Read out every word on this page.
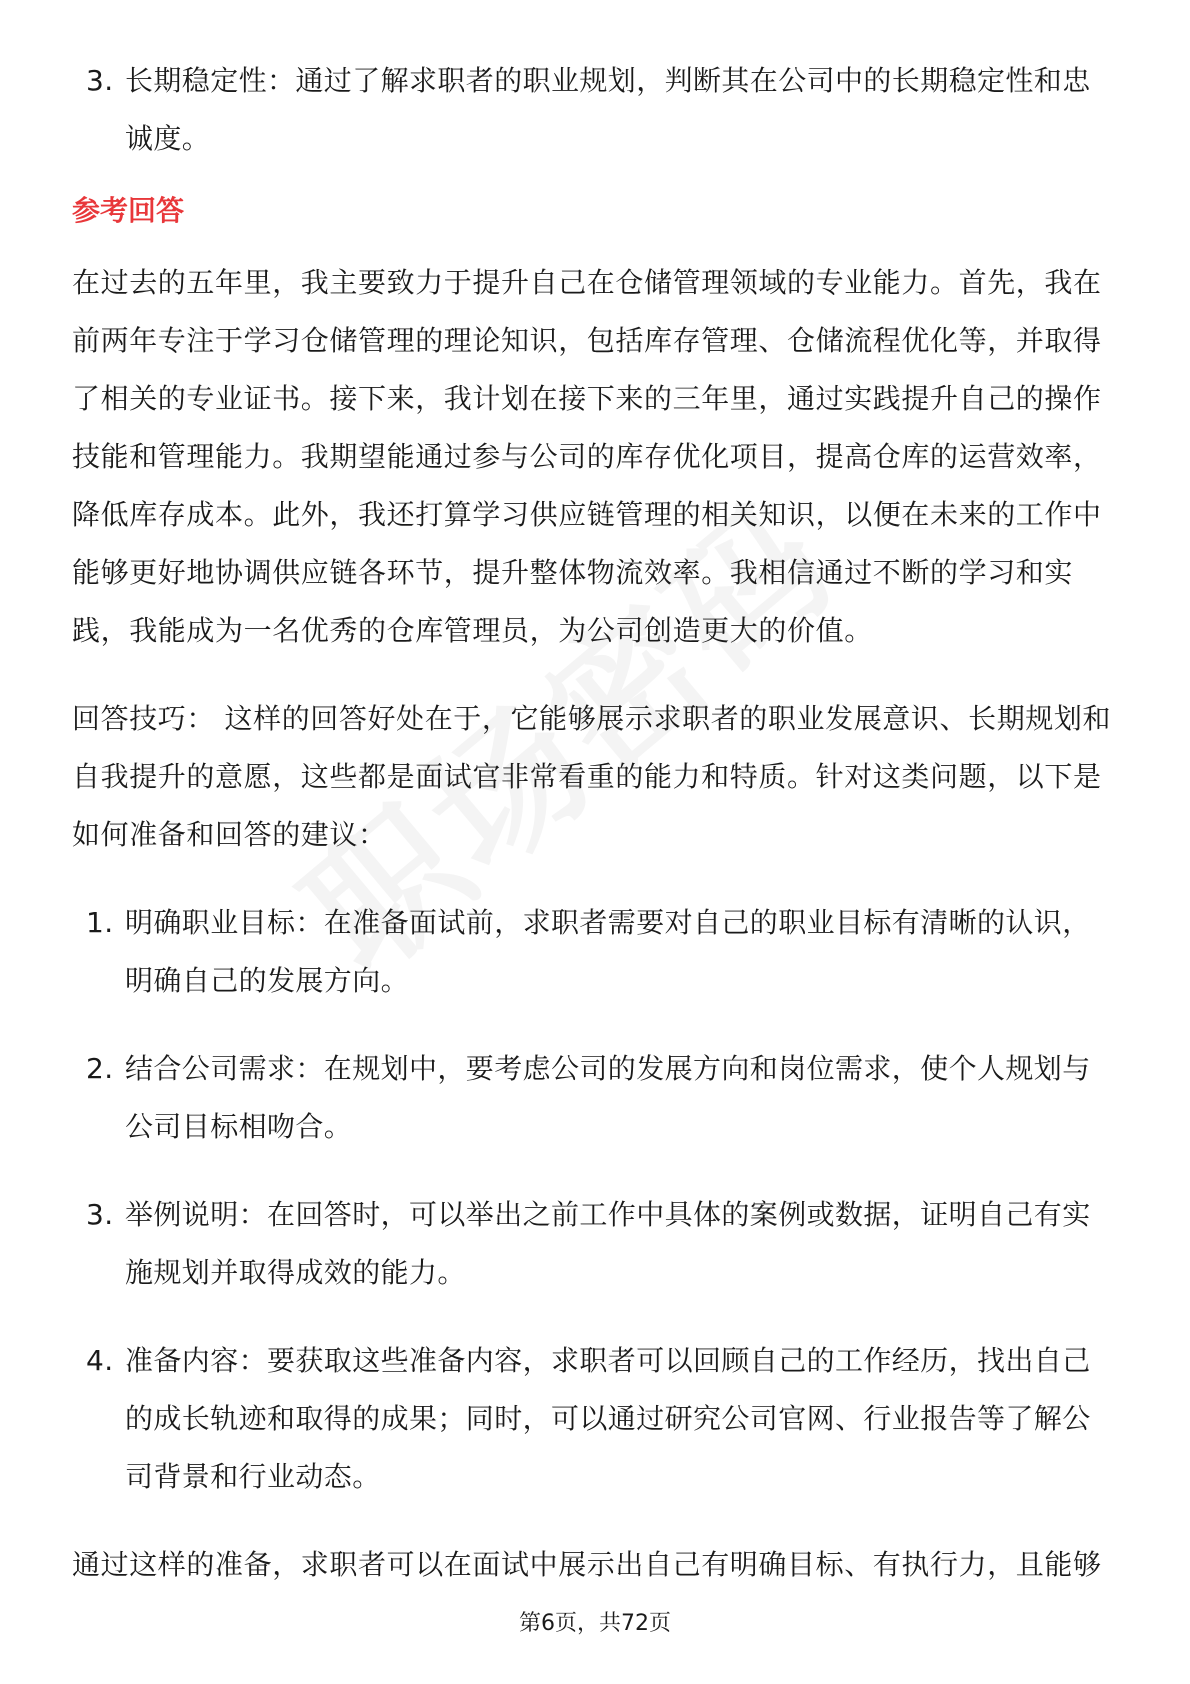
3. 长期稳定性：通过了解求职者的职业规划，判断其在公司中的长期稳定性和忠诚度。
参考回答
在过去的五年里，我主要致力于提升自己在仓储管理领域的专业能力。首先，我在前两年专注于学习仓储管理的理论知识，包括库存管理、仓储流程优化等，并取得了相关的专业证书。接下来，我计划在接下来的三年里，通过实践提升自己的操作技能和管理能力。我期望能通过参与公司的库存优化项目，提高仓库的运营效率，降低库存成本。此外，我还打算学习供应链管理的相关知识，以便在未来的工作中能够更好地协调供应链各环节，提升整体物流效率。我相信通过不断的学习和实践，我能成为一名优秀的仓库管理员，为公司创造更大的价值。
回答技巧： 这样的回答好处在于，它能够展示求职者的职业发展意识、长期规划和自我提升的意愿，这些都是面试官非常看重的能力和特质。针对这类问题，以下是如何准备和回答的建议：
1. 明确职业目标：在准备面试前，求职者需要对自己的职业目标有清晰的认识，明确自己的发展方向。
2. 结合公司需求：在规划中，要考虑公司的发展方向和岗位需求，使个人规划与公司目标相吻合。
3. 举例说明：在回答时，可以举出之前工作中具体的案例或数据，证明自己有实施规划并取得成效的能力。
4. 准备内容：要获取这些准备内容，求职者可以回顾自己的工作经历，找出自己的成长轨迹和取得的成果；同时，可以通过研究公司官网、行业报告等了解公司背景和行业动态。
通过这样的准备，求职者可以在面试中展示出自己有明确目标、有执行力，且能够
第6页，共72页
